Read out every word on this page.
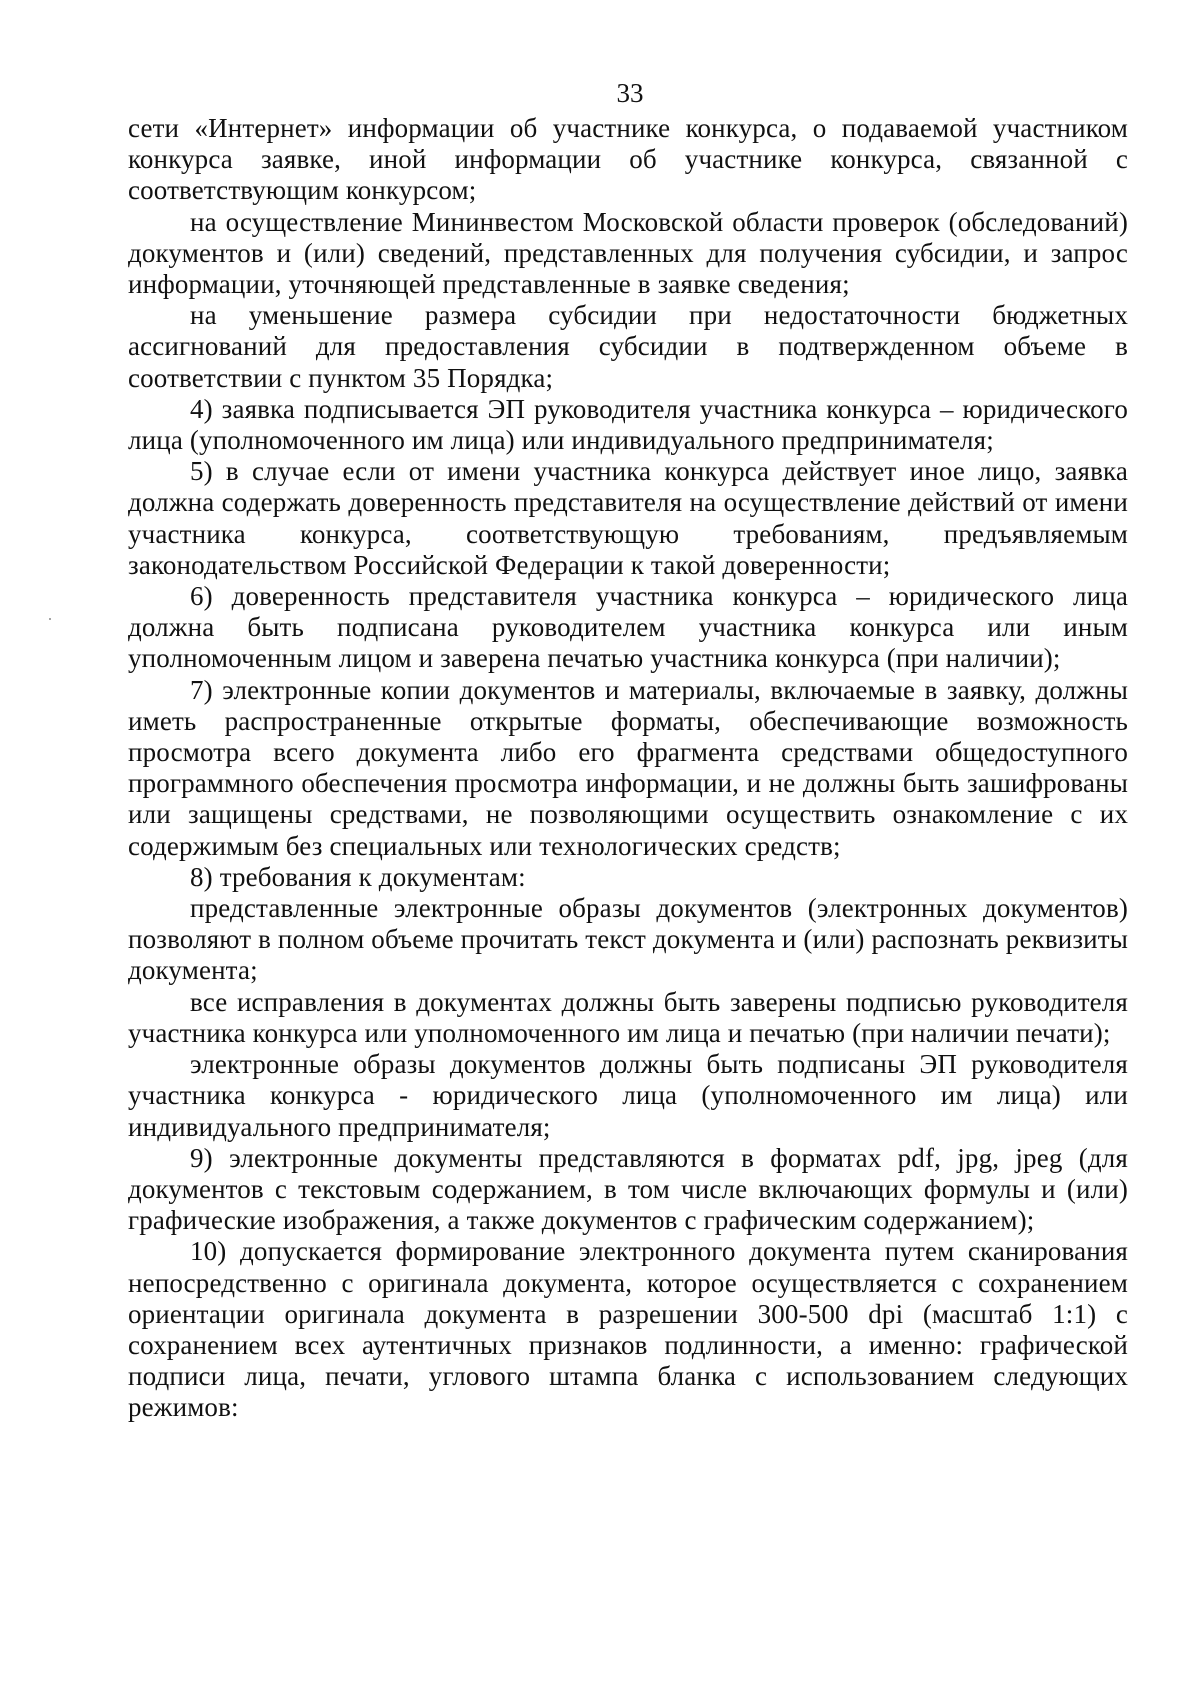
33

сети «Интернет» информации об участнике конкурса, о подаваемой участником конкурса заявке, иной информации об участнике конкурса, связанной с соответствующим конкурсом;

на осуществление Мининвестом Московской области проверок (обследований) документов и (или) сведений, представленных для получения субсидии, и запрос информации, уточняющей представленные в заявке сведения;

на уменьшение размера субсидии при недостаточности бюджетных ассигнований для предоставления субсидии в подтвержденном объеме в соответствии с пунктом 35 Порядка;

4) заявка подписывается ЭП руководителя участника конкурса – юридического лица (уполномоченного им лица) или индивидуального предпринимателя;

5) в случае если от имени участника конкурса действует иное лицо, заявка должна содержать доверенность представителя на осуществление действий от имени участника конкурса, соответствующую требованиям, предъявляемым законодательством Российской Федерации к такой доверенности;

6) доверенность представителя участника конкурса – юридического лица должна быть подписана руководителем участника конкурса или иным уполномоченным лицом и заверена печатью участника конкурса (при наличии);

7) электронные копии документов и материалы, включаемые в заявку, должны иметь распространенные открытые форматы, обеспечивающие возможность просмотра всего документа либо его фрагмента средствами общедоступного программного обеспечения просмотра информации, и не должны быть зашифрованы или защищены средствами, не позволяющими осуществить ознакомление с их содержимым без специальных или технологических средств;

8) требования к документам:

представленные электронные образы документов (электронных документов) позволяют в полном объеме прочитать текст документа и (или) распознать реквизиты документа;

все исправления в документах должны быть заверены подписью руководителя участника конкурса или уполномоченного им лица и печатью (при наличии печати);

электронные образы документов должны быть подписаны ЭП руководителя участника конкурса - юридического лица (уполномоченного им лица) или индивидуального предпринимателя;

9) электронные документы представляются в форматах pdf, jpg, jpeg (для документов с текстовым содержанием, в том числе включающих формулы и (или) графические изображения, а также документов с графическим содержанием);

10) допускается формирование электронного документа путем сканирования непосредственно с оригинала документа, которое осуществляется с сохранением ориентации оригинала документа в разрешении 300-500 dpi (масштаб 1:1) с сохранением всех аутентичных признаков подлинности, а именно: графической подписи лица, печати, углового штампа бланка с использованием следующих режимов:
